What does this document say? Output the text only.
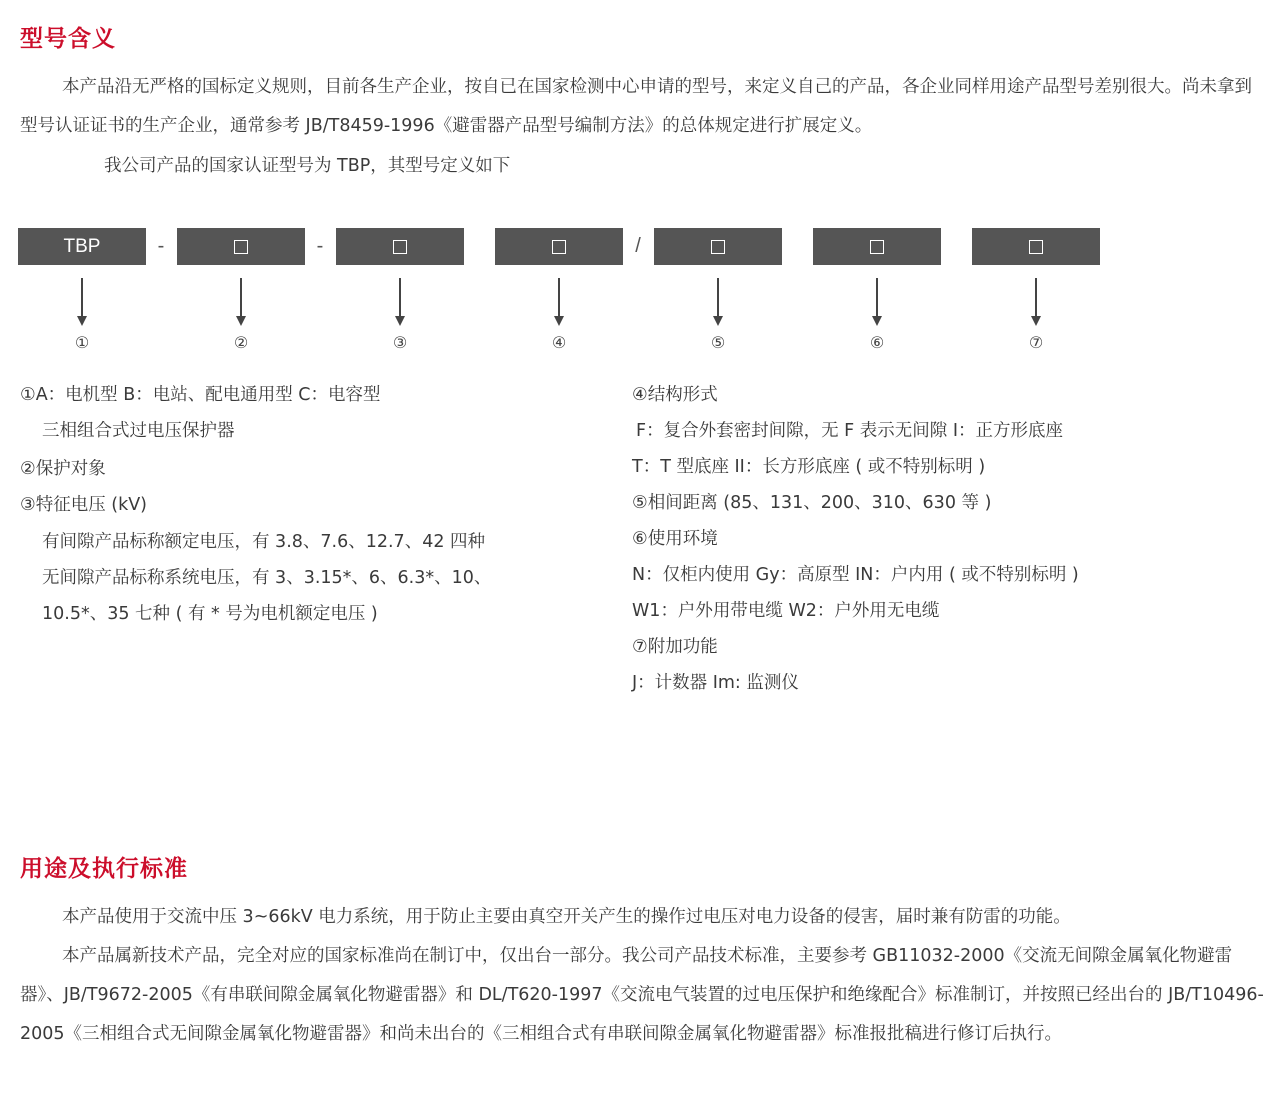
型号含义

本产品沿无严格的国标定义规则，目前各生产企业，按自已在国家检测中心申请的型号，来定义自己的产品，各企业同样用途产品型号差别很大。尚未拿到型号认证证书的生产企业，通常参考 JB/T8459-1996《避雷器产品型号编制方法》的总体规定进行扩展定义。

我公司产品的国家认证型号为 TBP，其型号定义如下
TBP	-	-	/
①	②	③	④	⑤	⑥	⑦
①A：电机型 B：电站、配电通用型 C：电容型
三相组合式过电压保护器
②保护对象
③特征电压 (kV)
有间隙产品标称额定电压，有 3.8、7.6、12.7、42 四种
无间隙产品标称系统电压，有 3、3.15*、6、6.3*、10、
10.5*、35 七种 ( 有 * 号为电机额定电压 )
④结构形式
F：复合外套密封间隙，无 F 表示无间隙 I：正方形底座
T：T 型底座 II：长方形底座 ( 或不特别标明 )
⑤相间距离 (85、131、200、310、630 等 )
⑥使用环境
N：仅柜内使用 Gy：高原型 IN：户内用 ( 或不特别标明 )
W1：户外用带电缆 W2：户外用无电缆
⑦附加功能
J：计数器 Im: 监测仪
用途及执行标准

本产品使用于交流中压 3~66kV 电力系统，用于防止主要由真空开关产生的操作过电压对电力设备的侵害，届时兼有防雷的功能。

本产品属新技术产品，完全对应的国家标准尚在制订中，仅出台一部分。我公司产品技术标准，主要参考 GB11032-2000《交流无间隙金属氧化物避雷器》、JB/T9672-2005《有串联间隙金属氧化物避雷器》和 DL/T620-1997《交流电气装置的过电压保护和绝缘配合》标准制订，并按照已经出台的 JB/T10496-2005《三相组合式无间隙金属氧化物避雷器》和尚未出台的《三相组合式有串联间隙金属氧化物避雷器》标准报批稿进行修订后执行。
